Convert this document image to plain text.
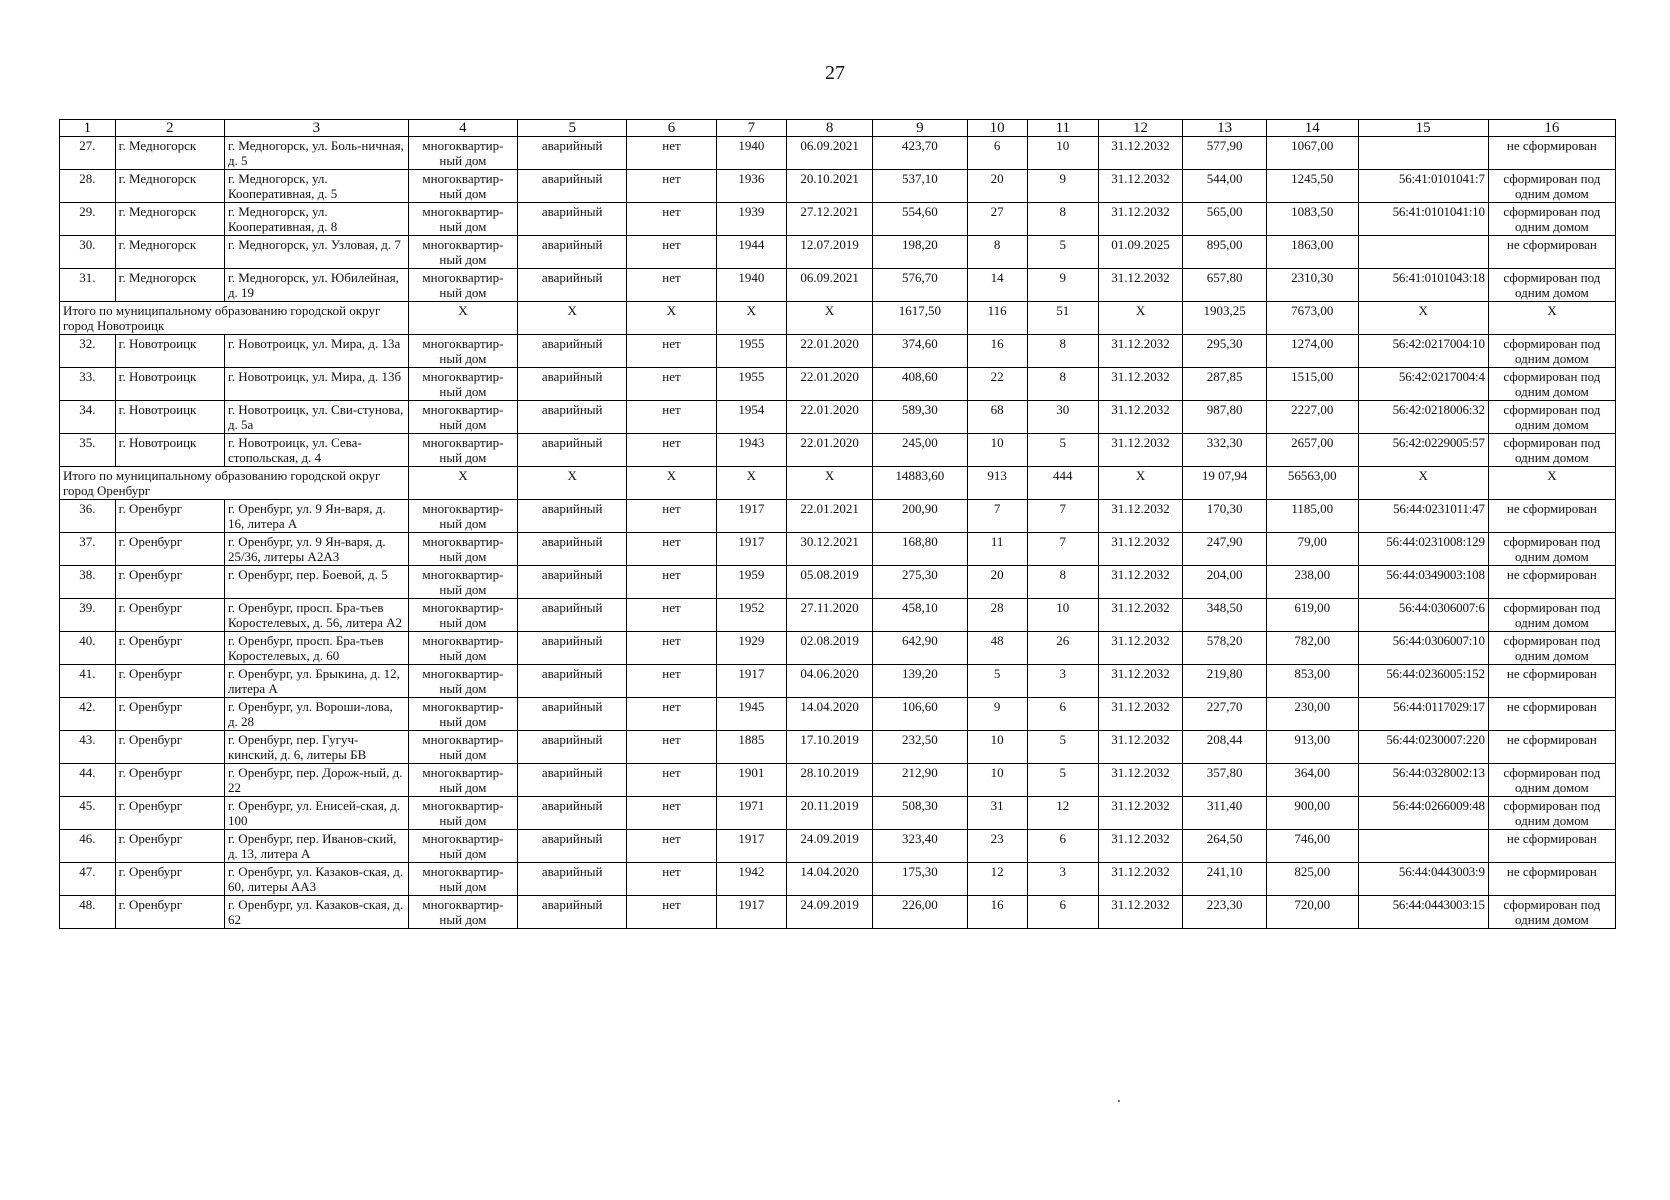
27
1	2	3	4	5	6	7	8	9	10	11	12	13	14	15	16
27.	г. Медногорск	г. Медногорск, ул. Боль-ничная, д. 5	многоквартир-ный дом	аварийный	нет	1940	06.09.2021	423,70	6	10	31.12.2032	577,90	1067,00		не сформирован
28.	г. Медногорск	г. Медногорск, ул. Кооперативная, д. 5	многоквартир-ный дом	аварийный	нет	1936	20.10.2021	537,10	20	9	31.12.2032	544,00	1245,50	56:41:0101041:7	сформирован под одним домом
29.	г. Медногорск	г. Медногорск, ул. Кооперативная, д. 8	многоквартир-ный дом	аварийный	нет	1939	27.12.2021	554,60	27	8	31.12.2032	565,00	1083,50	56:41:0101041:10	сформирован под одним домом
30.	г. Медногорск	г. Медногорск, ул. Узловая, д. 7	многоквартир-ный дом	аварийный	нет	1944	12.07.2019	198,20	8	5	01.09.2025	895,00	1863,00		не сформирован
31.	г. Медногорск	г. Медногорск, ул. Юбилейная, д. 19	многоквартир-ный дом	аварийный	нет	1940	06.09.2021	576,70	14	9	31.12.2032	657,80	2310,30	56:41:0101043:18	сформирован под одним домом
Итого по муниципальному образованию городской округ город Новотроицк			Х	Х	Х	Х	Х	1617,50	116	51	Х	1903,25	7673,00	Х	Х
32.	г. Новотроицк	г. Новотроицк, ул. Мира, д. 13а	многоквартир-ный дом	аварийный	нет	1955	22.01.2020	374,60	16	8	31.12.2032	295,30	1274,00	56:42:0217004:10	сформирован под одним домом
33.	г. Новотроицк	г. Новотроицк, ул. Мира, д. 13б	многоквартир-ный дом	аварийный	нет	1955	22.01.2020	408,60	22	8	31.12.2032	287,85	1515,00	56:42:0217004:4	сформирован под одним домом
34.	г. Новотроицк	г. Новотроицк, ул. Сви-стунова, д. 5а	многоквартир-ный дом	аварийный	нет	1954	22.01.2020	589,30	68	30	31.12.2032	987,80	2227,00	56:42:0218006:32	сформирован под одним домом
35.	г. Новотроицк	г. Новотроицк, ул. Сева-стопольская, д. 4	многоквартир-ный дом	аварийный	нет	1943	22.01.2020	245,00	10	5	31.12.2032	332,30	2657,00	56:42:0229005:57	сформирован под одним домом
Итого по муниципальному образованию городской округ город Оренбург			Х	Х	Х	Х	Х	14883,60	913	444	Х	19 07,94	56563,00	Х	Х
36.	г. Оренбург	г. Оренбург, ул. 9 Ян-варя, д. 16, литера А	многоквартир-ный дом	аварийный	нет	1917	22.01.2021	200,90	7	7	31.12.2032	170,30	1185,00	56:44:0231011:47	не сформирован
37.	г. Оренбург	г. Оренбург, ул. 9 Ян-варя, д. 25/36, литеры А2А3	многоквартир-ный дом	аварийный	нет	1917	30.12.2021	168,80	11	7	31.12.2032	247,90	79,00	56:44:0231008:129	сформирован под одним домом
38.	г. Оренбург	г. Оренбург, пер. Боевой, д. 5	многоквартир-ный дом	аварийный	нет	1959	05.08.2019	275,30	20	8	31.12.2032	204,00	238,00	56:44:0349003:108	не сформирован
39.	г. Оренбург	г. Оренбург, просп. Бра-тьев Коростелевых, д. 56, литера А2	многоквартир-ный дом	аварийный	нет	1952	27.11.2020	458,10	28	10	31.12.2032	348,50	619,00	56:44:0306007:6	сформирован под одним домом
40.	г. Оренбург	г. Оренбург, просп. Бра-тьев Коростелевых, д. 60	многоквартир-ный дом	аварийный	нет	1929	02.08.2019	642,90	48	26	31.12.2032	578,20	782,00	56:44:0306007:10	сформирован под одним домом
41.	г. Оренбург	г. Оренбург, ул. Брыкина, д. 12, литера А	многоквартир-ный дом	аварийный	нет	1917	04.06.2020	139,20	5	3	31.12.2032	219,80	853,00	56:44:0236005:152	не сформирован
42.	г. Оренбург	г. Оренбург, ул. Вороши-лова, д. 28	многоквартир-ный дом	аварийный	нет	1945	14.04.2020	106,60	9	6	31.12.2032	227,70	230,00	56:44:0117029:17	не сформирован
43.	г. Оренбург	г. Оренбург, пер. Гугуч-кинский, д. 6, литеры БВ	многоквартир-ный дом	аварийный	нет	1885	17.10.2019	232,50	10	5	31.12.2032	208,44	913,00	56:44:0230007:220	не сформирован
44.	г. Оренбург	г. Оренбург, пер. Дорож-ный, д. 22	многоквартир-ный дом	аварийный	нет	1901	28.10.2019	212,90	10	5	31.12.2032	357,80	364,00	56:44:0328002:13	сформирован под одним домом
45.	г. Оренбург	г. Оренбург, ул. Енисей-ская, д. 100	многоквартир-ный дом	аварийный	нет	1971	20.11.2019	508,30	31	12	31.12.2032	311,40	900,00	56:44:0266009:48	сформирован под одним домом
46.	г. Оренбург	г. Оренбург, пер. Иванов-ский, д. 13, литера А	многоквартир-ный дом	аварийный	нет	1917	24.09.2019	323,40	23	6	31.12.2032	264,50	746,00		не сформирован
47.	г. Оренбург	г. Оренбург, ул. Казаков-ская, д. 60, литеры АА3	многоквартир-ный дом	аварийный	нет	1942	14.04.2020	175,30	12	3	31.12.2032	241,10	825,00	56:44:0443003:9	не сформирован
48.	г. Оренбург	г. Оренбург, ул. Казаков-ская, д. 62	многоквартир-ный дом	аварийный	нет	1917	24.09.2019	226,00	16	6	31.12.2032	223,30	720,00	56:44:0443003:15	сформирован под одним домом
